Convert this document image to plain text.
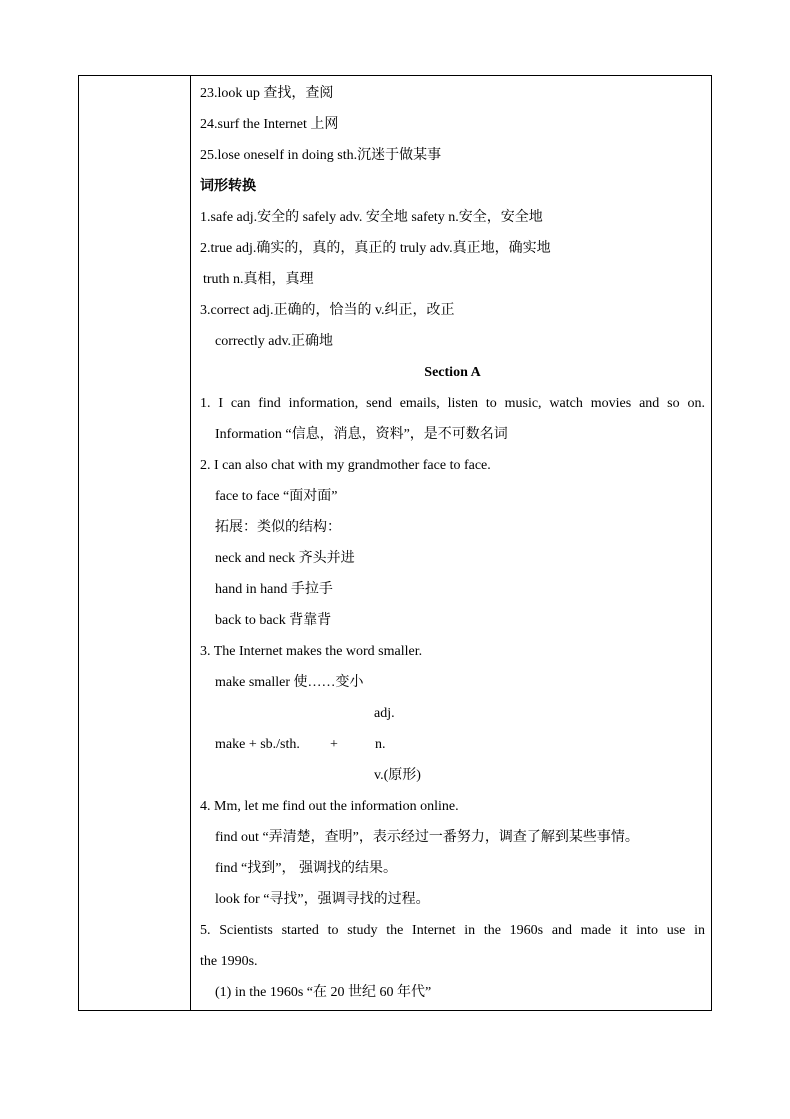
23.look up 查找，查阅
24.surf the Internet 上网
25.lose oneself in doing sth.沉迷于做某事
词形转换
1.safe adj.安全的 safely adv. 安全地 safety n.安全，安全地
2.true adj.确实的，真的，真正的 truly adv.真正地，确实地
truth n.真相，真理
3.correct adj.正确的，恰当的 v.纠正，改正
correctly adv.正确地
Section A
1. I can find information, send emails, listen to music, watch movies and so on.
Information “信息，消息，资料”，是不可数名词
2. I can also chat with my grandmother face to face.
face to face “面对面”
拓展：类似的结构：
neck and neck 齐头并进
hand in hand 手拉手
back to back 背靠背
3. The Internet makes the word smaller.
make smaller 使……变小
adj.
make + sb./sth.	+	n.
v.(原形)
4. Mm, let me find out the information online.
find out “弄清楚，查明”，表示经过一番努力，调查了解到某些事情。
find “找到”， 强调找的结果。
look for “寻找”，强调寻找的过程。
5. Scientists started to study the Internet in the 1960s and made it into use in
the 1990s.
(1) in the 1960s “在 20 世纪 60 年代”
